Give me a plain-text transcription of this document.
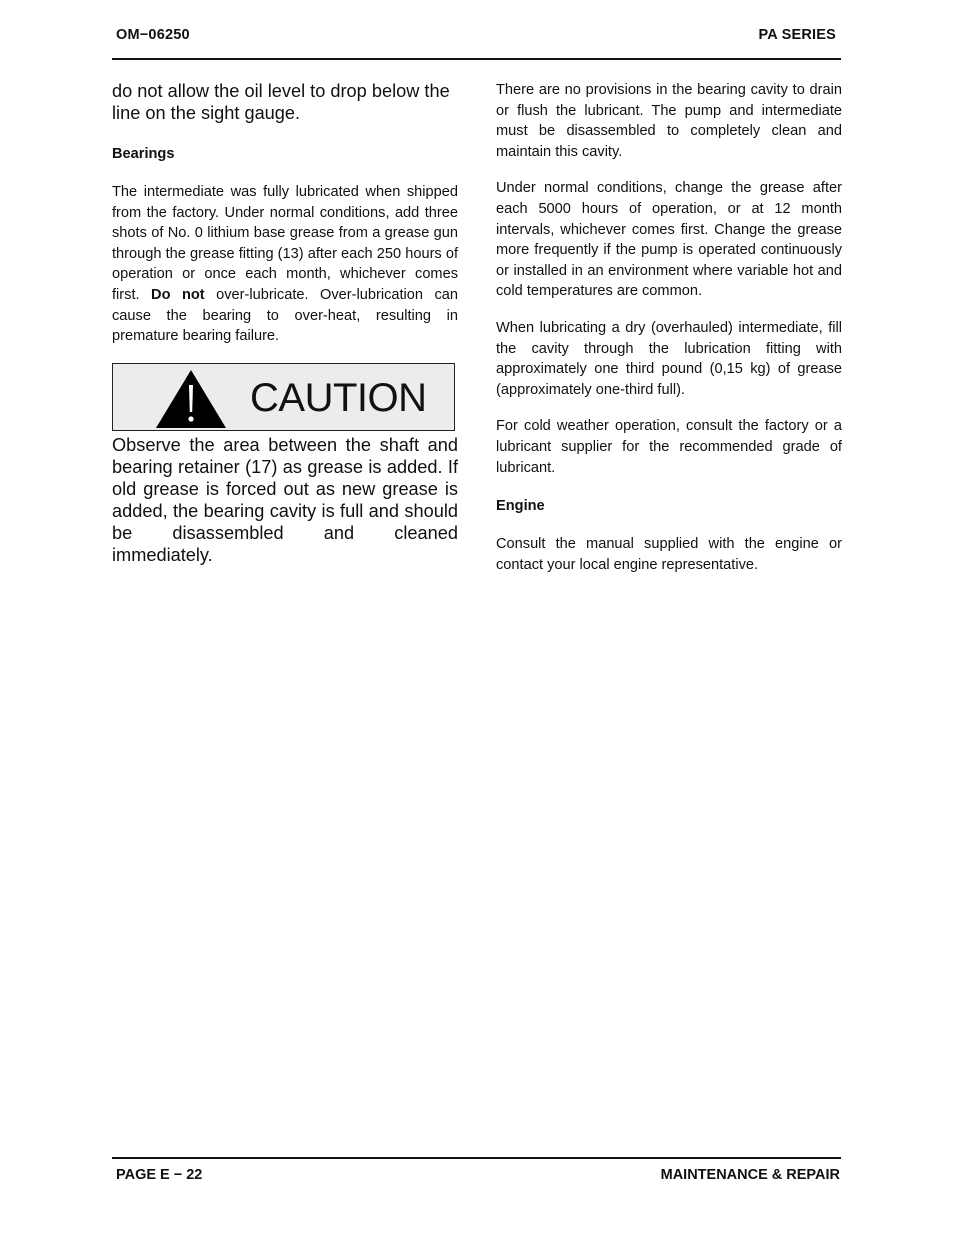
OM−06250	PA SERIES

do not allow the oil level to drop below the line on the sight gauge.

Bearings

The intermediate was fully lubricated when shipped from the factory. Under normal conditions, add three shots of No. 0 lithium base grease from a grease gun through the grease fitting (13) after each 250 hours of operation or once each month, whichever comes first. Do not over-lubricate. Over-lubrication can cause the bearing to over-heat, resulting in premature bearing failure.

CAUTION

Observe the area between the shaft and bearing retainer (17) as grease is added. If old grease is forced out as new grease is added, the bearing cavity is full and should be disassembled and cleaned immediately.

There are no provisions in the bearing cavity to drain or flush the lubricant. The pump and intermediate must be disassembled to completely clean and maintain this cavity.

Under normal conditions, change the grease after each 5000 hours of operation, or at 12 month intervals, whichever comes first. Change the grease more frequently if the pump is operated continuously or installed in an environment where variable hot and cold temperatures are common.

When lubricating a dry (overhauled) intermediate, fill the cavity through the lubrication fitting with approximately one third pound (0,15 kg) of grease (approximately one-third full).

For cold weather operation, consult the factory or a lubricant supplier for the recommended grade of lubricant.

Engine

Consult the manual supplied with the engine or contact your local engine representative.

PAGE E − 22	MAINTENANCE & REPAIR
